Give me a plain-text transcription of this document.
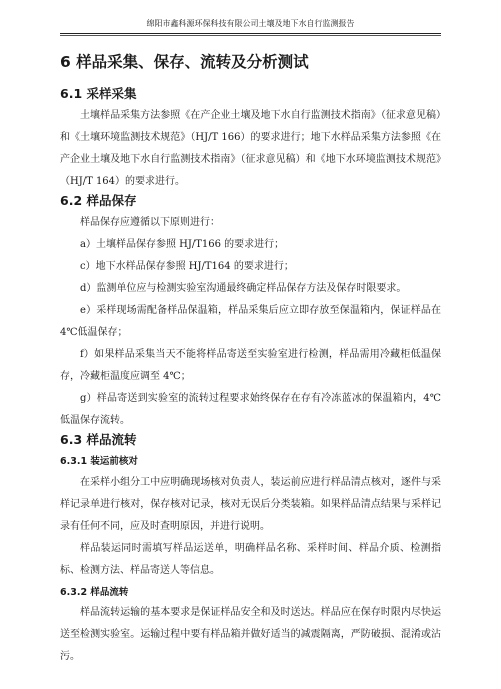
绵阳市鑫科源环保科技有限公司土壤及地下水自行监测报告
6 样品采集、保存、流转及分析测试
6.1 采样采集

土壤样品采集方法参照《在产企业土壤及地下水自行监测技术指南》（征求意见稿）和《土壤环境监测技术规范》（HJ/T 166）的要求进行；地下水样品采集方法参照《在产企业土壤及地下水自行监测技术指南》（征求意见稿）和《地下水环境监测技术规范》（HJ/T 164）的要求进行。

6.2 样品保存

样品保存应遵循以下原则进行：

a）土壤样品保存参照 HJ/T166 的要求进行；

c）地下水样品保存参照 HJ/T164 的要求进行；

d）监测单位应与检测实验室沟通最终确定样品保存方法及保存时限要求。

e）采样现场需配备样品保温箱，样品采集后应立即存放至保温箱内，保证样品在 4℃低温保存；

f）如果样品采集当天不能将样品寄送至实验室进行检测，样品需用冷藏柜低温保存，冷藏柜温度应调至 4℃；

g）样品寄送到实验室的流转过程要求始终保存在存有冷冻蓝冰的保温箱内，4℃低温保存流转。

6.3 样品流转
6.3.1 装运前核对

在采样小组分工中应明确现场核对负责人，装运前应进行样品清点核对，逐件与采样记录单进行核对，保存核对记录，核对无误后分类装箱。如果样品清点结果与采样记录有任何不同，应及时查明原因，并进行说明。

样品装运同时需填写样品运送单，明确样品名称、采样时间、样品介质、检测指标、检测方法、样品寄送人等信息。

6.3.2 样品流转

样品流转运输的基本要求是保证样品安全和及时送达。样品应在保存时限内尽快运送至检测实验室。运输过程中要有样品箱并做好适当的减震隔离，严防破损、混淆或沾污。
